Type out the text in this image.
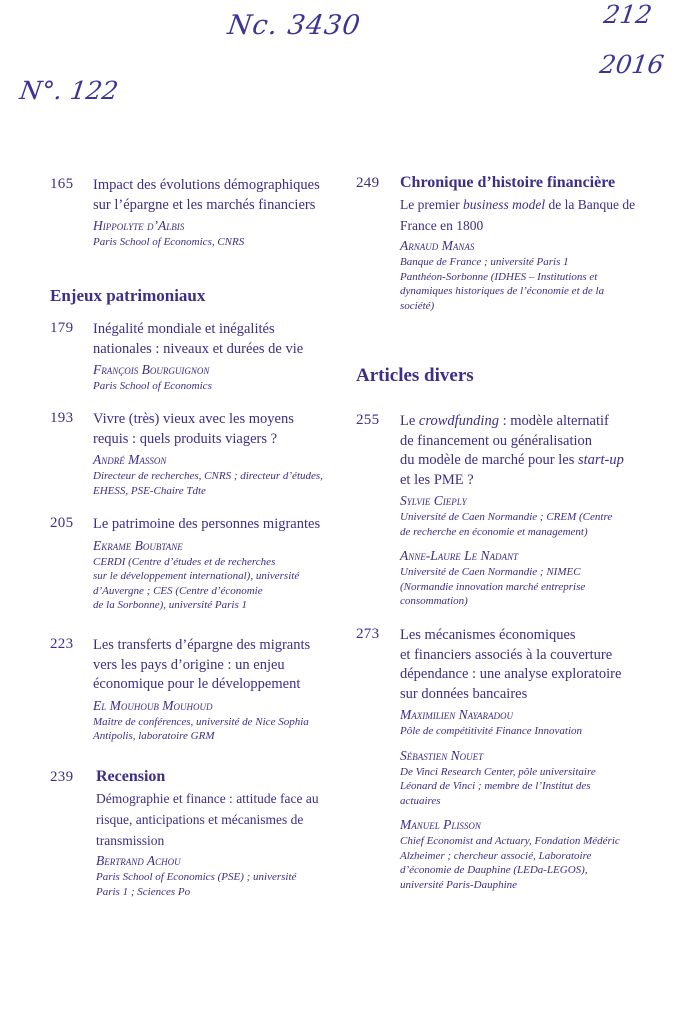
Nc. 3430
N°. 122
212
2016
165 Impact des évolutions démographiques
sur l’épargne et les marchés financiers
Hippolyte d’Albis
Paris School of Economics, CNRS
Enjeux patrimoniaux
179 Inégalité mondiale et inégalités
nationales : niveaux et durées de vie
François Bourguignon
Paris School of Economics
193 Vivre (très) vieux avec les moyens
requis : quels produits viagers ?
André Masson
Directeur de recherches, CNRS ; directeur d’études,
EHESS, PSE-Chaire Tdte
205 Le patrimoine des personnes migrantes
Ekrame Boubtane
CERDI (Centre d’études et de recherches
sur le développement international), université
d’Auvergne ; CES (Centre d’économie
de la Sorbonne), université Paris 1
223 Les transferts d’épargne des migrants
vers les pays d’origine : un enjeu
économique pour le développement
El Mouhoub Mouhoud
Maître de conférences, université de Nice Sophia
Antipolis, laboratoire GRM
239 Recension
Démographie et finance : attitude face au
risque, anticipations et mécanismes de
transmission
Bertrand Achou
Paris School of Economics (PSE) ; université
Paris 1 ; Sciences Po
249 Chronique d’histoire financière
Le premier business model de la Banque de
France en 1800
Arnaud Manas
Banque de France ; université Paris 1
Panthéon-Sorbonne (IDHES – Institutions et
dynamiques historiques de l’économie et de la
société)
Articles divers
255 Le crowdfunding : modèle alternatif
de financement ou généralisation
du modèle de marché pour les start-up
et les PME ?
Sylvie Cieply
Université de Caen Normandie ; CREM (Centre
de recherche en économie et management)
Anne-Laure Le Nadant
Université de Caen Normandie ; NIMEC
(Normandie innovation marché entreprise
consommation)
273 Les mécanismes économiques
et financiers associés à la couverture
dépendance : une analyse exploratoire
sur données bancaires
Maximilien Nayaradou
Pôle de compétitivité Finance Innovation
Sébastien Nouet
De Vinci Research Center, pôle universitaire
Léonard de Vinci ; membre de l’Institut des
actuaires
Manuel Plisson
Chief Economist and Actuary, Fondation Médéric
Alzheimer ; chercheur associé, Laboratoire
d’économie de Dauphine (LEDa-LEGOS),
université Paris-Dauphine
